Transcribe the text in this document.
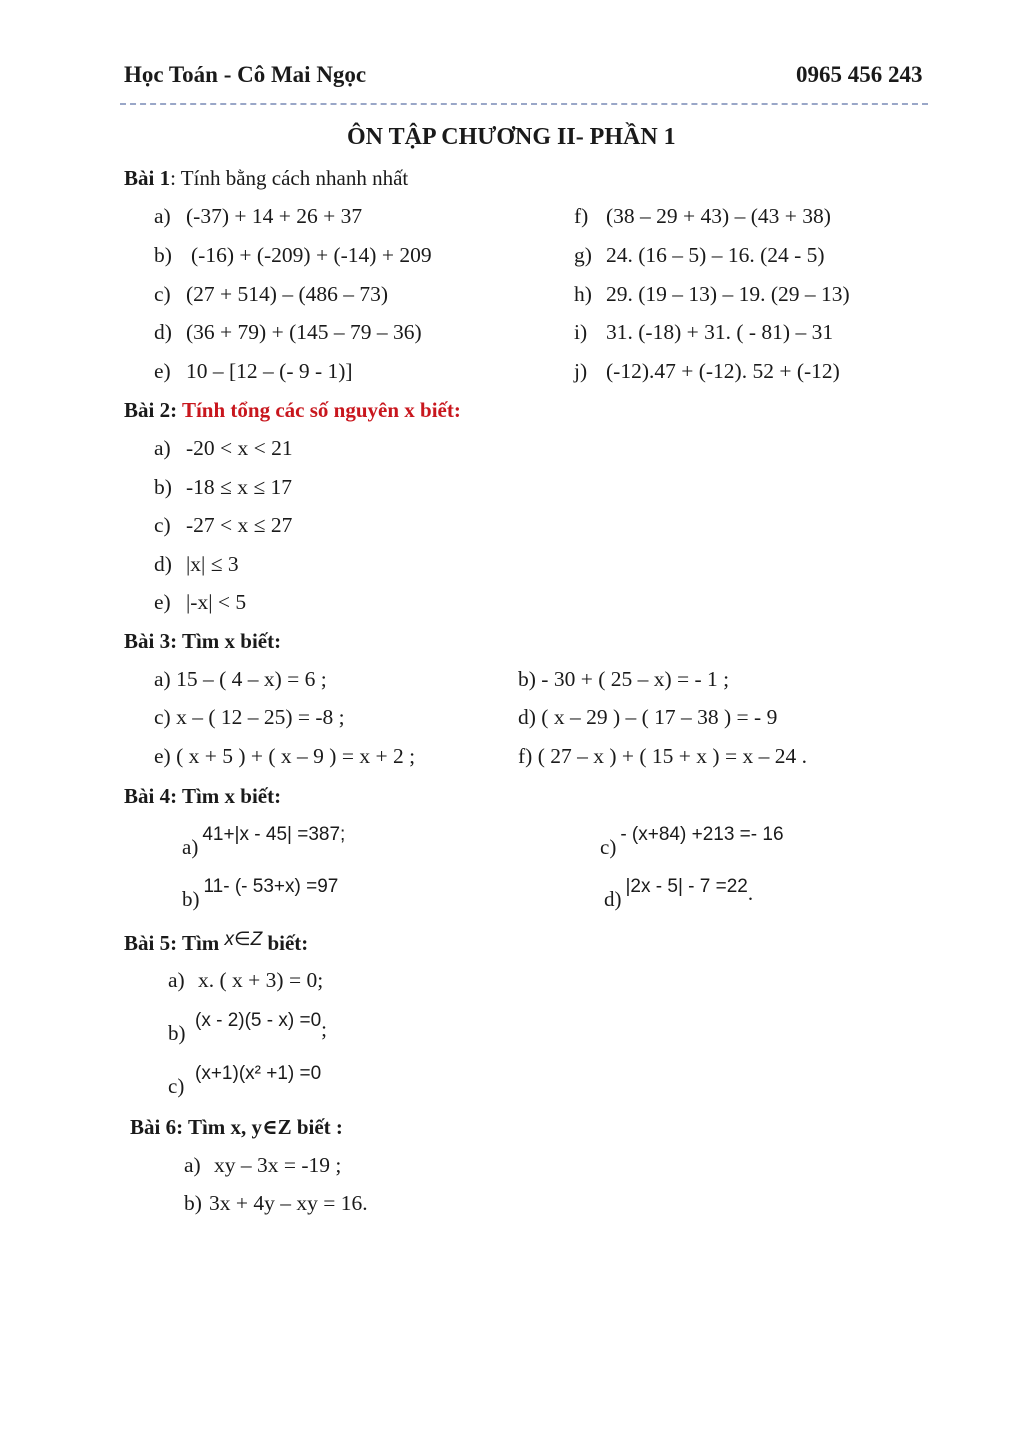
Học Toán - Cô Mai Ngọc	0965 456 243
ÔN TẬP CHƯƠNG II- PHẦN 1
Bài 1: Tính bằng cách nhanh nhất
a) (-37) + 14 + 26 + 37
b) (-16) + (-209) + (-14) + 209
c) (27 + 514) – (486 – 73)
d) (36 + 79) + (145 – 79 – 36)
e) 10 – [12 – (- 9 - 1)]
f) (38 – 29 + 43) – (43 + 38)
g) 24. (16 – 5) – 16. (24 - 5)
h) 29. (19 – 13) – 19. (29 – 13)
i) 31. (-18) + 31. ( - 81) – 31
j) (-12).47 + (-12). 52 + (-12)
Bài 2: Tính tổng các số nguyên x biết:
a) -20 < x < 21
b) -18 ≤ x ≤ 17
c) -27 < x ≤ 27
d) |x| ≤ 3
e) |-x| < 5
Bài 3: Tìm x biết:
a) 15 – ( 4 – x) = 6 ;	b) - 30 + ( 25 – x) = - 1 ;
c) x – ( 12 – 25) = -8 ;	d) ( x – 29 ) – ( 17 – 38 ) = - 9
e) ( x + 5 ) + ( x – 9 ) = x + 2 ;	f) ( 27 – x ) + ( 15 + x ) = x – 24 .
Bài 4: Tìm x biết:
a) 41+|x - 45| =387;
b) 11- (- 53+x) =97
c) - (x+84) +213 =- 16
d) |2x - 5| - 7 =22.
Bài 5: Tìm x∈Z biết:
a) x. ( x + 3) = 0;
b)(x - 2)(5 - x) =0;
c)(x+1)(x² +1) =0
Bài 6: Tìm x, y∈Z biết :
a) xy – 3x = -19 ;
b) 3x + 4y – xy = 16.
